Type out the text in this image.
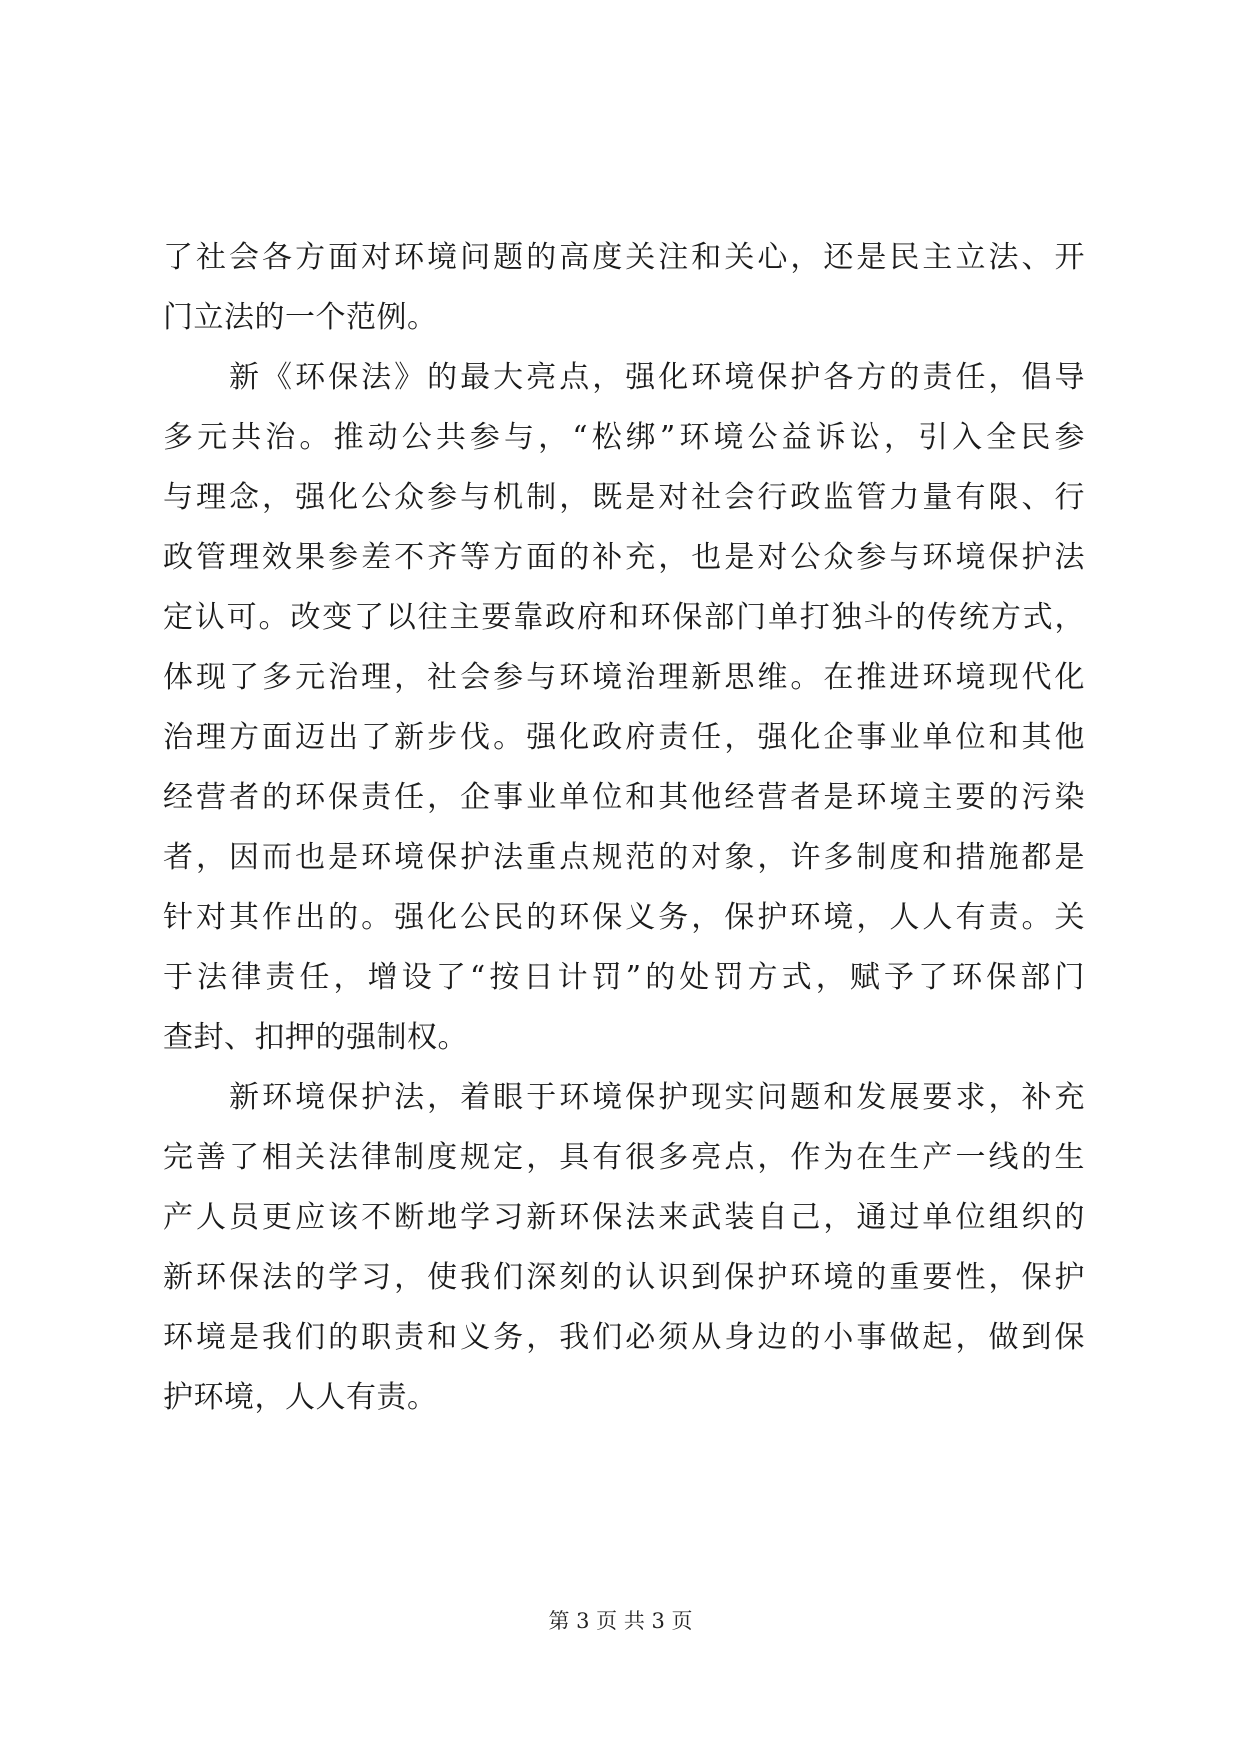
了社会各方面对环境问题的高度关注和关心，还是民主立法、开
门立法的一个范例。
　　新《环保法》的最大亮点，强化环境保护各方的责任，倡导
多元共治。推动公共参与，“松绑”环境公益诉讼，引入全民参
与理念，强化公众参与机制，既是对社会行政监管力量有限、行
政管理效果参差不齐等方面的补充，也是对公众参与环境保护法
定认可。改变了以往主要靠政府和环保部门单打独斗的传统方式，
体现了多元治理，社会参与环境治理新思维。在推进环境现代化
治理方面迈出了新步伐。强化政府责任，强化企事业单位和其他
经营者的环保责任，企事业单位和其他经营者是环境主要的污染
者，因而也是环境保护法重点规范的对象，许多制度和措施都是
针对其作出的。强化公民的环保义务，保护环境，人人有责。关
于法律责任，增设了“按日计罚”的处罚方式，赋予了环保部门
查封、扣押的强制权。
　　新环境保护法，着眼于环境保护现实问题和发展要求，补充
完善了相关法律制度规定，具有很多亮点，作为在生产一线的生
产人员更应该不断地学习新环保法来武装自己，通过单位组织的
新环保法的学习，使我们深刻的认识到保护环境的重要性，保护
环境是我们的职责和义务，我们必须从身边的小事做起，做到保
护环境，人人有责。
第 3 页 共 3 页
